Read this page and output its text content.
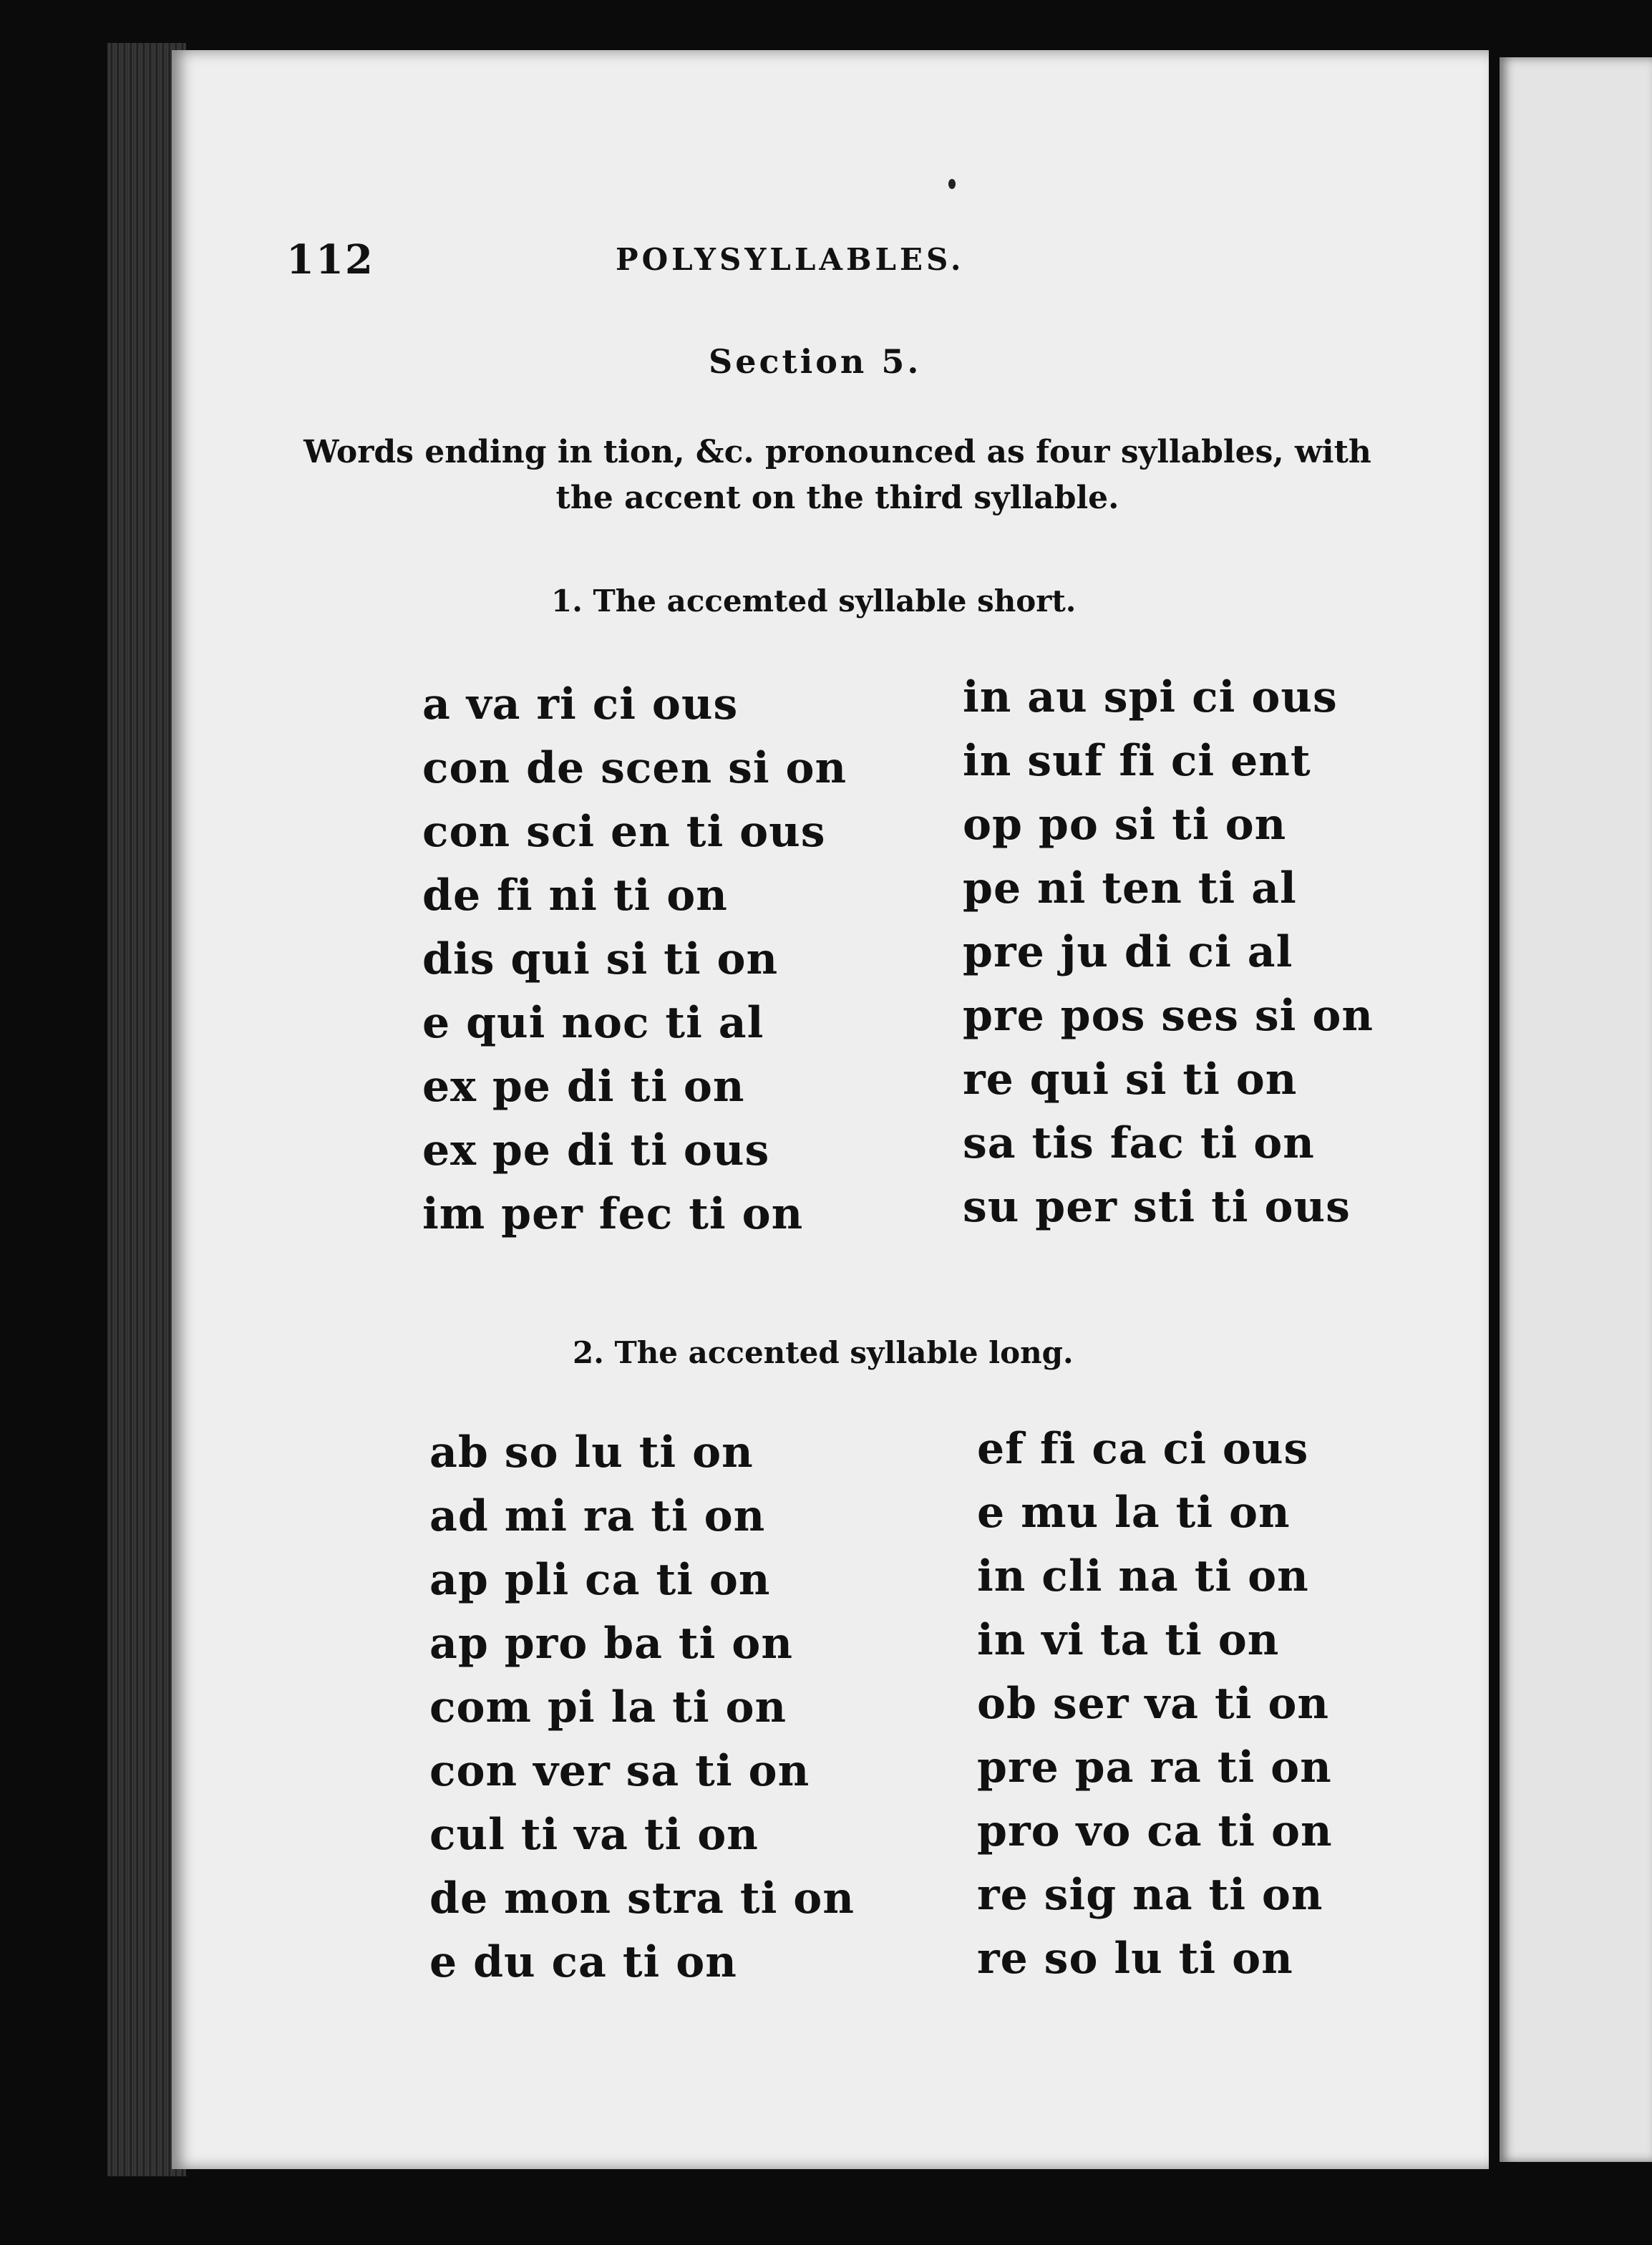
112	POLYSYLLABLES.
Section 5.
Words ending in tion, &c. pronounced as four syllables, with
the accent on the third syllable.
1. The accemted syllable short.
a va ri ci ous
con de scen si on
con sci en ti ous
de fi ni ti on
dis qui si ti on
e qui noc ti al
ex pe di ti on
ex pe di ti ous
im per fec ti on
in au spi ci ous
in suf fi ci ent
op po si ti on
pe ni ten ti al
pre ju di ci al
pre pos ses si on
re qui si ti on
sa tis fac ti on
su per sti ti ous
2. The accented syllable long.
ab so lu ti on
ad mi ra ti on
ap pli ca ti on
ap pro ba ti on
com pi la ti on
con ver sa ti on
cul ti va ti on
de mon stra ti on
e du ca ti on
ef fi ca ci ous
e mu la ti on
in cli na ti on
in vi ta ti on
ob ser va ti on
pre pa ra ti on
pro vo ca ti on
re sig na ti on
re so lu ti on
